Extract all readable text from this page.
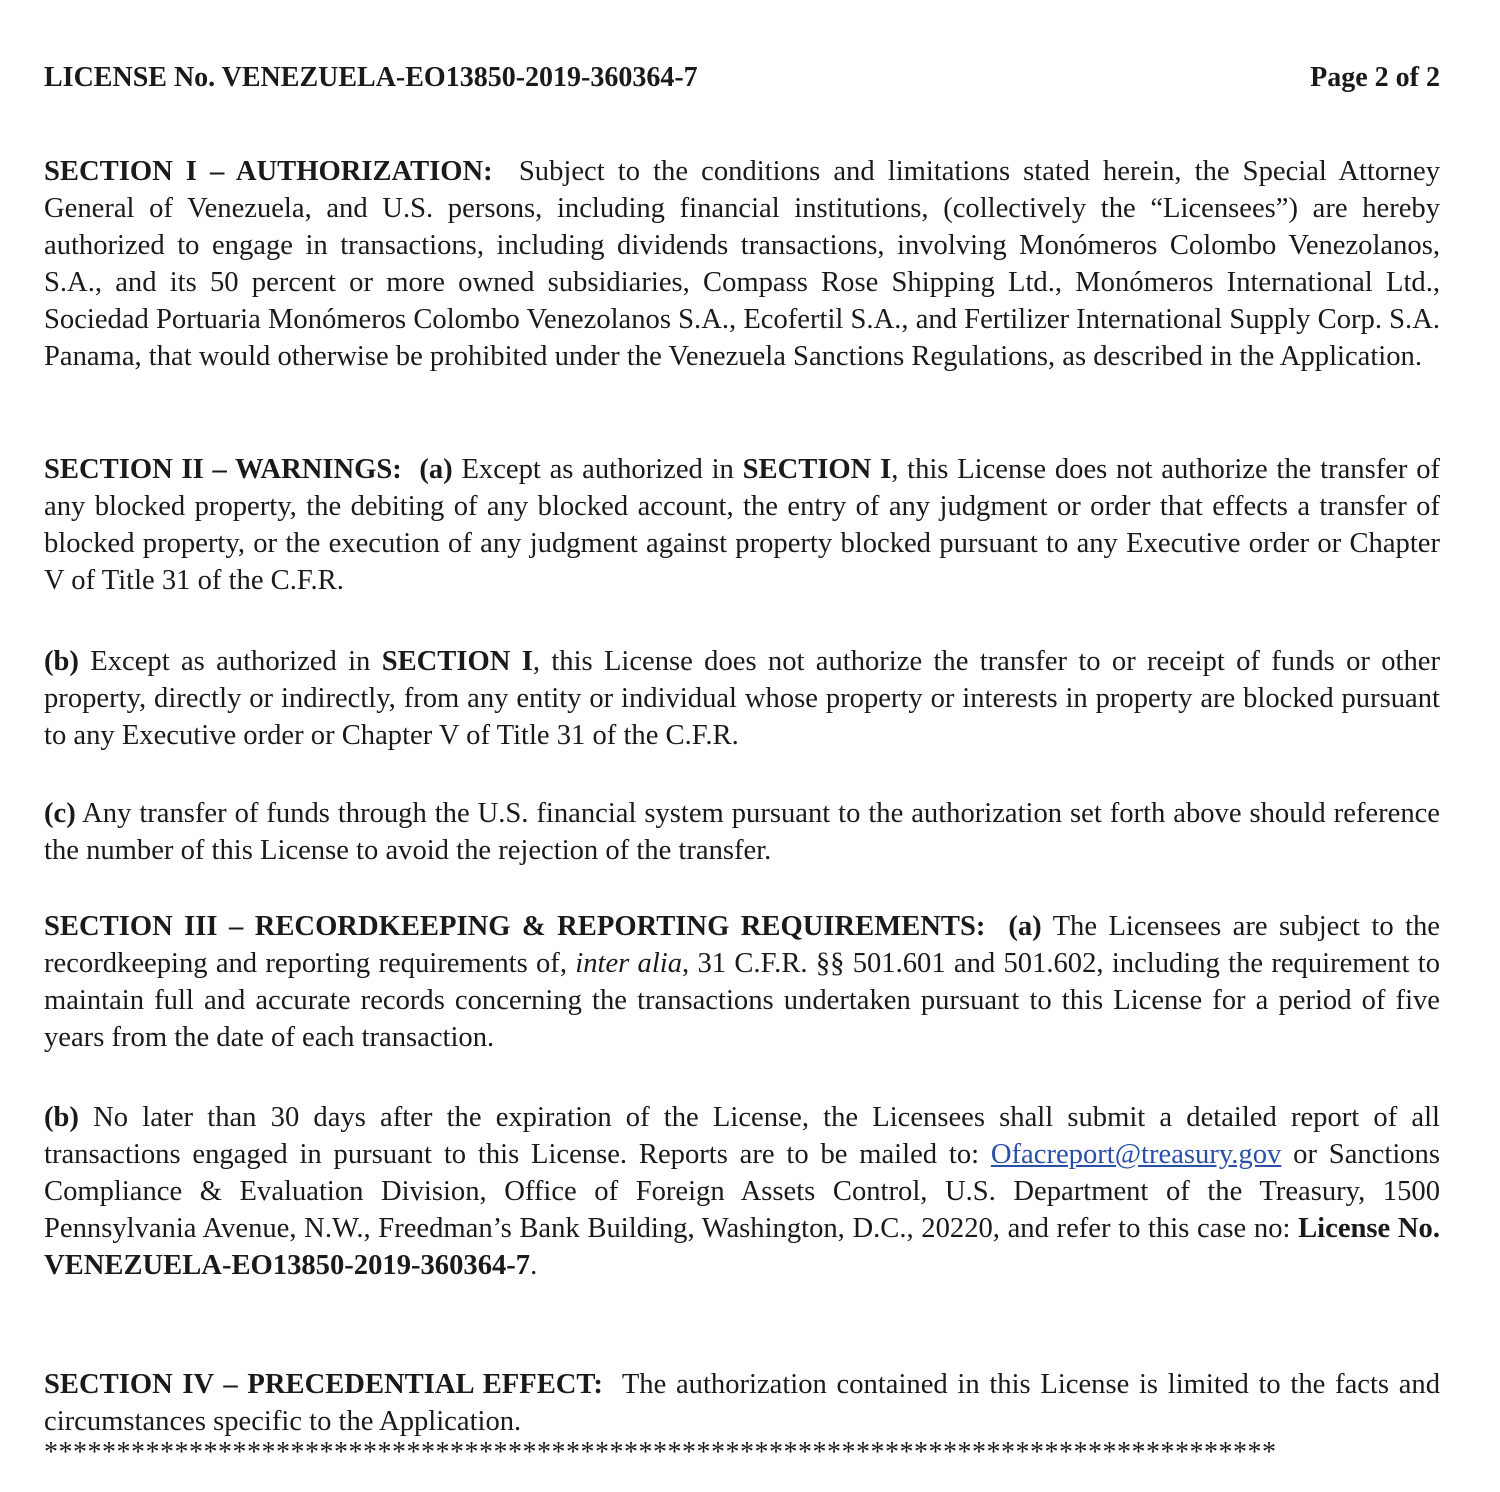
LICENSE No. VENEZUELA-EO13850-2019-360364-7	Page 2 of 2

SECTION I – AUTHORIZATION: Subject to the conditions and limitations stated herein, the Special Attorney General of Venezuela, and U.S. persons, including financial institutions, (collectively the “Licensees”) are hereby authorized to engage in transactions, including dividends transactions, involving Monómeros Colombo Venezolanos, S.A., and its 50 percent or more owned subsidiaries, Compass Rose Shipping Ltd., Monómeros International Ltd., Sociedad Portuaria Monómeros Colombo Venezolanos S.A., Ecofertil S.A., and Fertilizer International Supply Corp. S.A. Panama, that would otherwise be prohibited under the Venezuela Sanctions Regulations, as described in the Application.

SECTION II – WARNINGS: (a) Except as authorized in SECTION I, this License does not authorize the transfer of any blocked property, the debiting of any blocked account, the entry of any judgment or order that effects a transfer of blocked property, or the execution of any judgment against property blocked pursuant to any Executive order or Chapter V of Title 31 of the C.F.R.

(b) Except as authorized in SECTION I, this License does not authorize the transfer to or receipt of funds or other property, directly or indirectly, from any entity or individual whose property or interests in property are blocked pursuant to any Executive order or Chapter V of Title 31 of the C.F.R.

(c) Any transfer of funds through the U.S. financial system pursuant to the authorization set forth above should reference the number of this License to avoid the rejection of the transfer.

SECTION III – RECORDKEEPING & REPORTING REQUIREMENTS: (a) The Licensees are subject to the recordkeeping and reporting requirements of, inter alia, 31 C.F.R. §§ 501.601 and 501.602, including the requirement to maintain full and accurate records concerning the transactions undertaken pursuant to this License for a period of five years from the date of each transaction.

(b) No later than 30 days after the expiration of the License, the Licensees shall submit a detailed report of all transactions engaged in pursuant to this License. Reports are to be mailed to: Ofacreport@treasury.gov or Sanctions Compliance & Evaluation Division, Office of Foreign Assets Control, U.S. Department of the Treasury, 1500 Pennsylvania Avenue, N.W., Freedman’s Bank Building, Washington, D.C., 20220, and refer to this case no: License No. VENEZUELA-EO13850-2019-360364-7.

SECTION IV – PRECEDENTIAL EFFECT: The authorization contained in this License is limited to the facts and circumstances specific to the Application.

*************************************************************************************
